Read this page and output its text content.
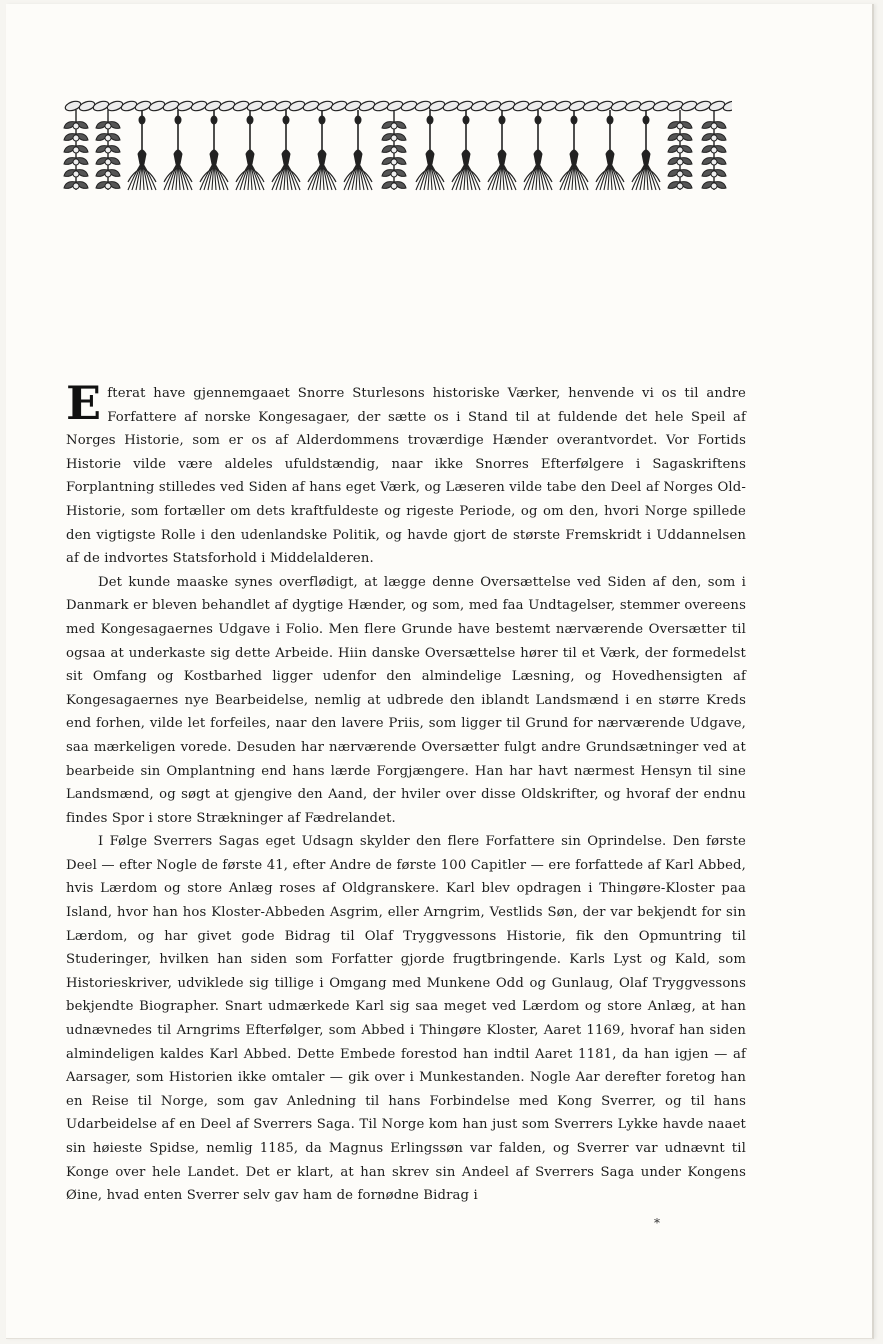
Efterat have gjennemgaaet Snorre Sturlesons historiske Værker, henvende vi os til andre Forfattere af norske Kongesagaer, der sætte os i Stand til at fuldende det hele Speil af Norges Historie, som er os af Alderdommens troværdige Hænder overantvordet. Vor Fortids Historie vilde være aldeles ufuldstændig, naar ikke Snorres Efterfølgere i Sagaskriftens Forplantning stilledes ved Siden af hans eget Værk, og Læseren vilde tabe den Deel af Norges Old-Historie, som fortæller om dets kraftfuldeste og rigeste Periode, og om den, hvori Norge spillede den vigtigste Rolle i den udenlandske Politik, og havde gjort de største Fremskridt i Uddannelsen af de indvortes Statsforhold i Middelalderen.

Det kunde maaske synes overflødigt, at lægge denne Oversættelse ved Siden af den, som i Danmark er bleven behandlet af dygtige Hænder, og som, med faa Undtagelser, stemmer overeens med Kongesagaernes Udgave i Folio. Men flere Grunde have bestemt nærværende Oversætter til ogsaa at underkaste sig dette Arbeide. Hiin danske Oversættelse hører til et Værk, der formedelst sit Omfang og Kostbarhed ligger udenfor den almindelige Læsning, og Hovedhensigten af Kongesagaernes nye Bearbeidelse, nemlig at udbrede den iblandt Landsmænd i en større Kreds end forhen, vilde let forfeiles, naar den lavere Priis, som ligger til Grund for nærværende Udgave, saa mærkeligen vorede. Desuden har nærværende Oversætter fulgt andre Grundsætninger ved at bearbeide sin Omplantning end hans lærde Forgjængere. Han har havt nærmest Hensyn til sine Landsmænd, og søgt at gjengive den Aand, der hviler over disse Oldskrifter, og hvoraf der endnu findes Spor i store Strækninger af Fædrelandet.

I Følge Sverrers Sagas eget Udsagn skylder den flere Forfattere sin Oprindelse. Den første Deel — efter Nogle de første 41, efter Andre de første 100 Capitler — ere forfattede af Karl Abbed, hvis Lærdom og store Anlæg roses af Oldgranskere. Karl blev opdragen i Thingøre-Kloster paa Island, hvor han hos Kloster-Abbeden Asgrim, eller Arngrim, Vestlids Søn, der var bekjendt for sin Lærdom, og har givet gode Bidrag til Olaf Tryggvessons Historie, fik den Opmuntring til Studeringer, hvilken han siden som Forfatter gjorde frugtbringende. Karls Lyst og Kald, som Historieskriver, udviklede sig tillige i Omgang med Munkene Odd og Gunlaug, Olaf Tryggvessons bekjendte Biographer. Snart udmærkede Karl sig saa meget ved Lærdom og store Anlæg, at han udnævnedes til Arngrims Efterfølger, som Abbed i Thingøre Kloster, Aaret 1169, hvoraf han siden almindeligen kaldes Karl Abbed. Dette Embede forestod han indtil Aaret 1181, da han igjen — af Aarsager, som Historien ikke omtaler — gik over i Munkestanden. Nogle Aar derefter foretog han en Reise til Norge, som gav Anledning til hans Forbindelse med Kong Sverrer, og til hans Udarbeidelse af en Deel af Sverrers Saga. Til Norge kom han just som Sverrers Lykke havde naaet sin høieste Spidse, nemlig 1185, da Magnus Erlingssøn var falden, og Sverrer var udnævnt til Konge over hele Landet. Det er klart, at han skrev sin Andeel af Sverrers Saga under Kongens Øine, hvad enten Sverrer selv gav ham de fornødne Bidrag i

*
